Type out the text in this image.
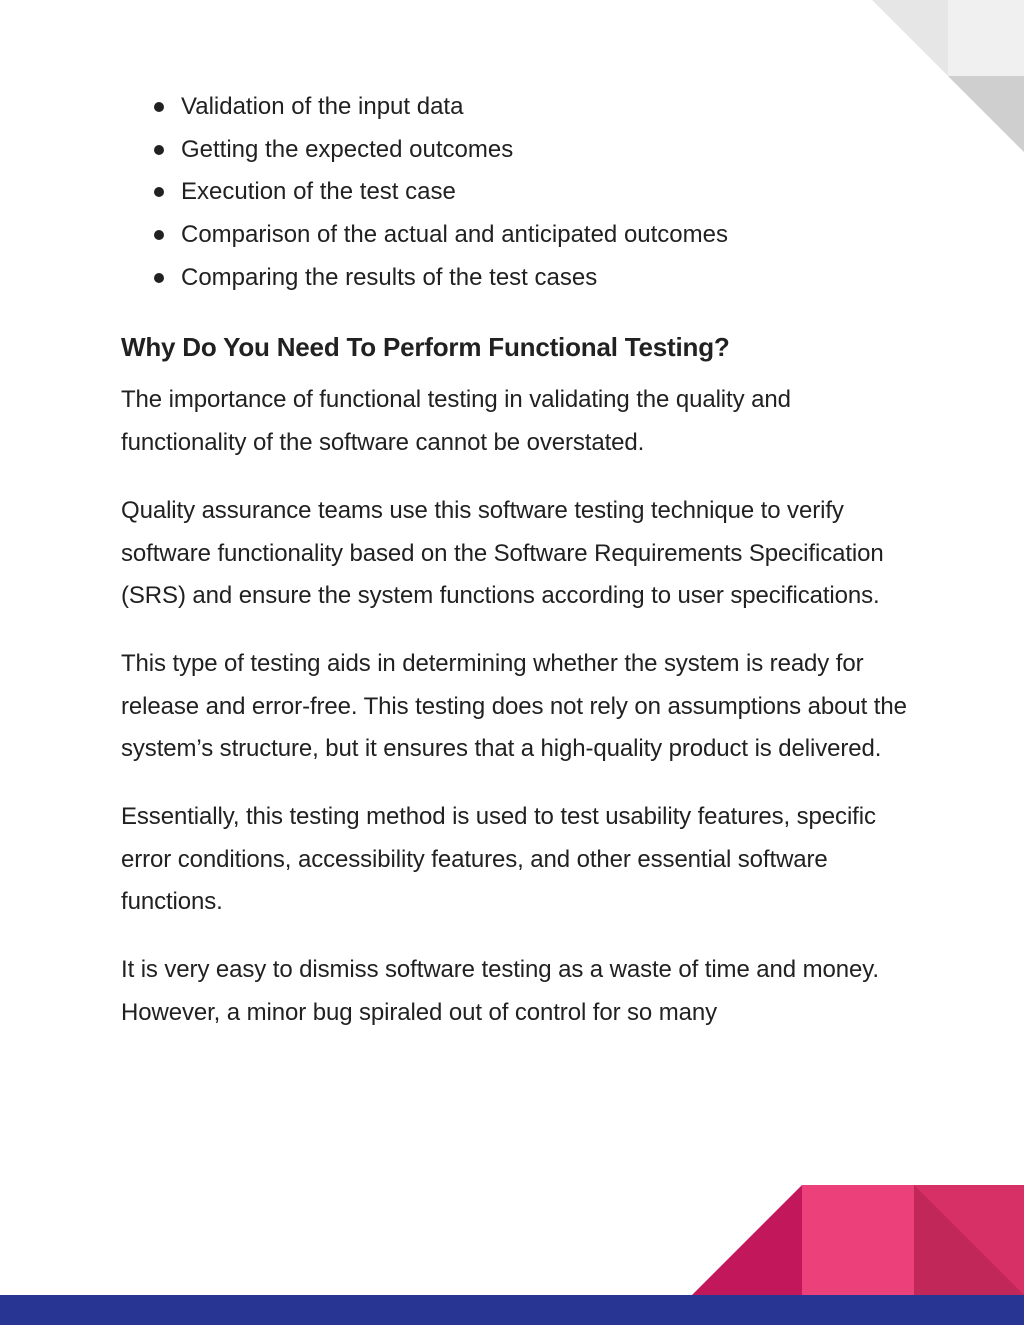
Validation of the input data
Getting the expected outcomes
Execution of the test case
Comparison of the actual and anticipated outcomes
Comparing the results of the test cases
Why Do You Need To Perform Functional Testing?

The importance of functional testing in validating the quality and functionality of the software cannot be overstated.

Quality assurance teams use this software testing technique to verify software functionality based on the Software Requirements Specification (SRS) and ensure the system functions according to user specifications.

This type of testing aids in determining whether the system is ready for release and error-free. This testing does not rely on assumptions about the system’s structure, but it ensures that a high-quality product is delivered.

Essentially, this testing method is used to test usability features, specific error conditions, accessibility features, and other essential software functions.

It is very easy to dismiss software testing as a waste of time and money. However, a minor bug spiraled out of control for so many
